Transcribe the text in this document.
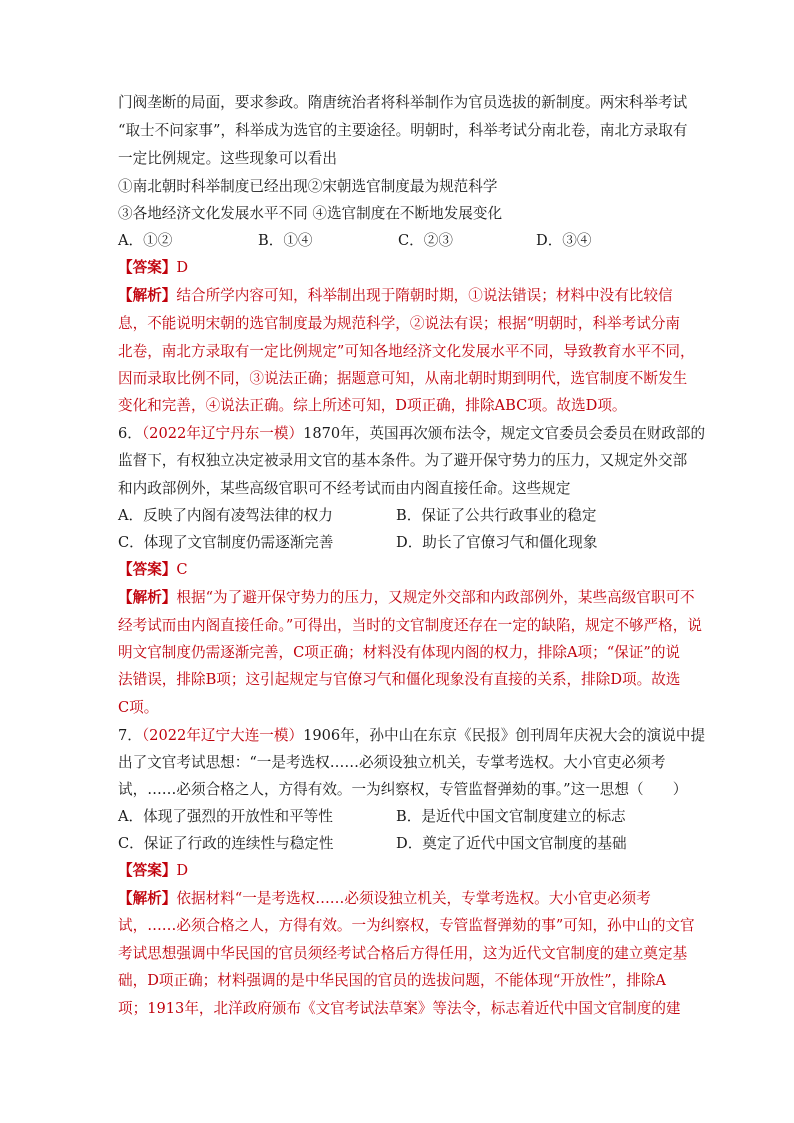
门阀垄断的局面，要求参政。隋唐统治者将科举制作为官员选拔的新制度。两宋科举考试
“取士不问家事”，科举成为选官的主要途径。明朝时，科举考试分南北卷，南北方录取有
一定比例规定。这些现象可以看出
①南北朝时科举制度已经出现②宋朝选官制度最为规范科学
③各地经济文化发展水平不同 ④选官制度在不断地发展变化
A．①②	B．①④	C．②③	D．③④
【答案】D
【解析】结合所学内容可知，科举制出现于隋朝时期，①说法错误；材料中没有比较信
息，不能说明宋朝的选官制度最为规范科学，②说法有误；根据“明朝时，科举考试分南
北卷，南北方录取有一定比例规定”可知各地经济文化发展水平不同，导致教育水平不同，
因而录取比例不同，③说法正确；据题意可知，从南北朝时期到明代，选官制度不断发生
变化和完善，④说法正确。综上所述可知，D项正确，排除ABC项。故选D项。
6．（2022年辽宁丹东一模）1870年，英国再次颁布法令，规定文官委员会委员在财政部的
监督下，有权独立决定被录用文官的基本条件。为了避开保守势力的压力，又规定外交部
和内政部例外，某些高级官职可不经考试而由内阁直接任命。这些规定
A．反映了内阁有凌驾法律的权力	B．保证了公共行政事业的稳定
C．体现了文官制度仍需逐渐完善	D．助长了官僚习气和僵化现象
【答案】C
【解析】根据“为了避开保守势力的压力，又规定外交部和内政部例外，某些高级官职可不
经考试而由内阁直接任命。”可得出，当时的文官制度还存在一定的缺陷，规定不够严格，说
明文官制度仍需逐渐完善，C项正确；材料没有体现内阁的权力，排除A项；“保证”的说
法错误，排除B项；这引起规定与官僚习气和僵化现象没有直接的关系，排除D项。故选
C项。
7．（2022年辽宁大连一模）1906年，孙中山在东京《民报》创刊周年庆祝大会的演说中提
出了文官考试思想：“一是考选权……必须设独立机关，专掌考选权。大小官吏必须考
试，……必须合格之人，方得有效。一为纠察权，专管监督弹劾的事。”这一思想（　　）
A．体现了强烈的开放性和平等性	B．是近代中国文官制度建立的标志
C．保证了行政的连续性与稳定性	D．奠定了近代中国文官制度的基础
【答案】D
【解析】依据材料“一是考选权……必须设独立机关，专掌考选权。大小官吏必须考
试，……必须合格之人，方得有效。一为纠察权，专管监督弹劾的事”可知，孙中山的文官
考试思想强调中华民国的官员须经考试合格后方得任用，这为近代文官制度的建立奠定基
础，D项正确；材料强调的是中华民国的官员的选拔问题，不能体现“开放性”，排除A
项；1913年，北洋政府颁布《文官考试法草案》等法令，标志着近代中国文官制度的建
